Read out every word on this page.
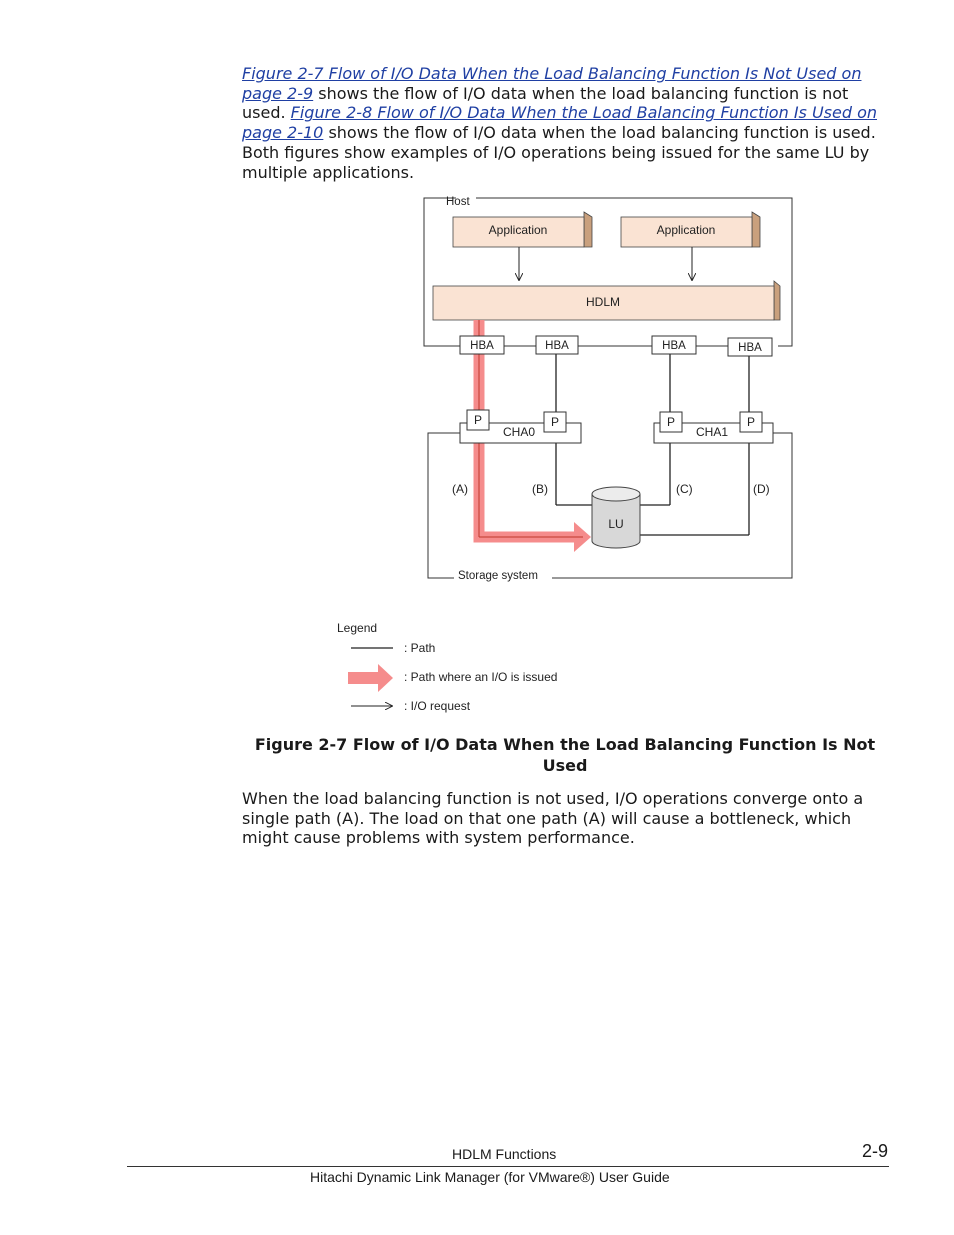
Figure 2-7 Flow of I/O Data When the Load Balancing Function Is Not Used on page 2-9 shows the flow of I/O data when the load balancing function is not used. Figure 2-8 Flow of I/O Data When the Load Balancing Function Is Used on page 2-10 shows the flow of I/O data when the load balancing function is used. Both figures show examples of I/O operations being issued for the same LU by multiple applications.
Host
Application	Application
HDLM
Storage system
CHA0	CHA1
P	P	P	P
HBA	HBA	HBA	HBA
(A)	(B)	(C)	(D)
LU
Legend
: Path
: Path where an I/O is issued
: I/O request
Figure 2-7 Flow of I/O Data When the Load Balancing Function Is Not Used
When the load balancing function is not used, I/O operations converge onto a single path (A). The load on that one path (A) will cause a bottleneck, which might cause problems with system performance.
HDLM Functions	2-9
Hitachi Dynamic Link Manager (for VMware®) User Guide
